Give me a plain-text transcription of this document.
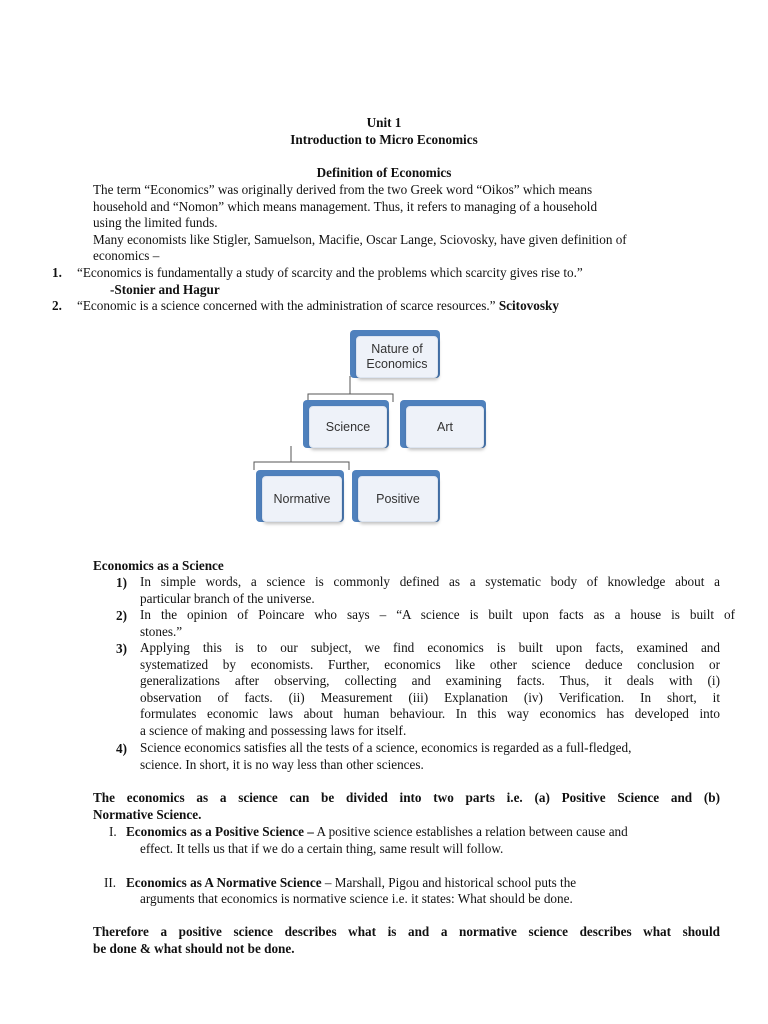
Unit 1
Introduction to Micro Economics
Definition of Economics
The term “Economics” was originally derived from the two Greek word “Oikos” which means
household and “Nomon” which means management. Thus, it refers to managing of a household
using the limited funds.
Many economists like Stigler, Samuelson, Macifie, Oscar Lange, Sciovosky, have given definition of
economics –
1. “Economics is fundamentally a study of scarcity and the problems which scarcity gives rise to.”
-Stonier and Hagur
2. “Economic is a science concerned with the administration of scarce resources.” Scitovosky
Nature of
Economics
Science	Art
Normative	Positive
Economics as a Science
1) In simple words, a science is commonly defined as a systematic body of knowledge about a
particular branch of the universe.
2) In the opinion of Poincare who says – “A science is built upon facts as a house is built of
stones.”
3) Applying this is to our subject, we find economics is built upon facts, examined and
systematized by economists. Further, economics like other science deduce conclusion or
generalizations after observing, collecting and examining facts. Thus, it deals with (i)
observation of facts. (ii) Measurement (iii) Explanation (iv) Verification. In short, it
formulates economic laws about human behaviour. In this way economics has developed into
a science of making and possessing laws for itself.
4) Science economics satisfies all the tests of a science, economics is regarded as a full-fledged,
science. In short, it is no way less than other sciences.
The economics as a science can be divided into two parts i.e. (a) Positive Science and (b)
Normative Science.
I. Economics as a Positive Science – A positive science establishes a relation between cause and
effect. It tells us that if we do a certain thing, same result will follow.
II. Economics as A Normative Science – Marshall, Pigou and historical school puts the
arguments that economics is normative science i.e. it states: What should be done.
Therefore a positive science describes what is and a normative science describes what should
be done & what should not be done.
